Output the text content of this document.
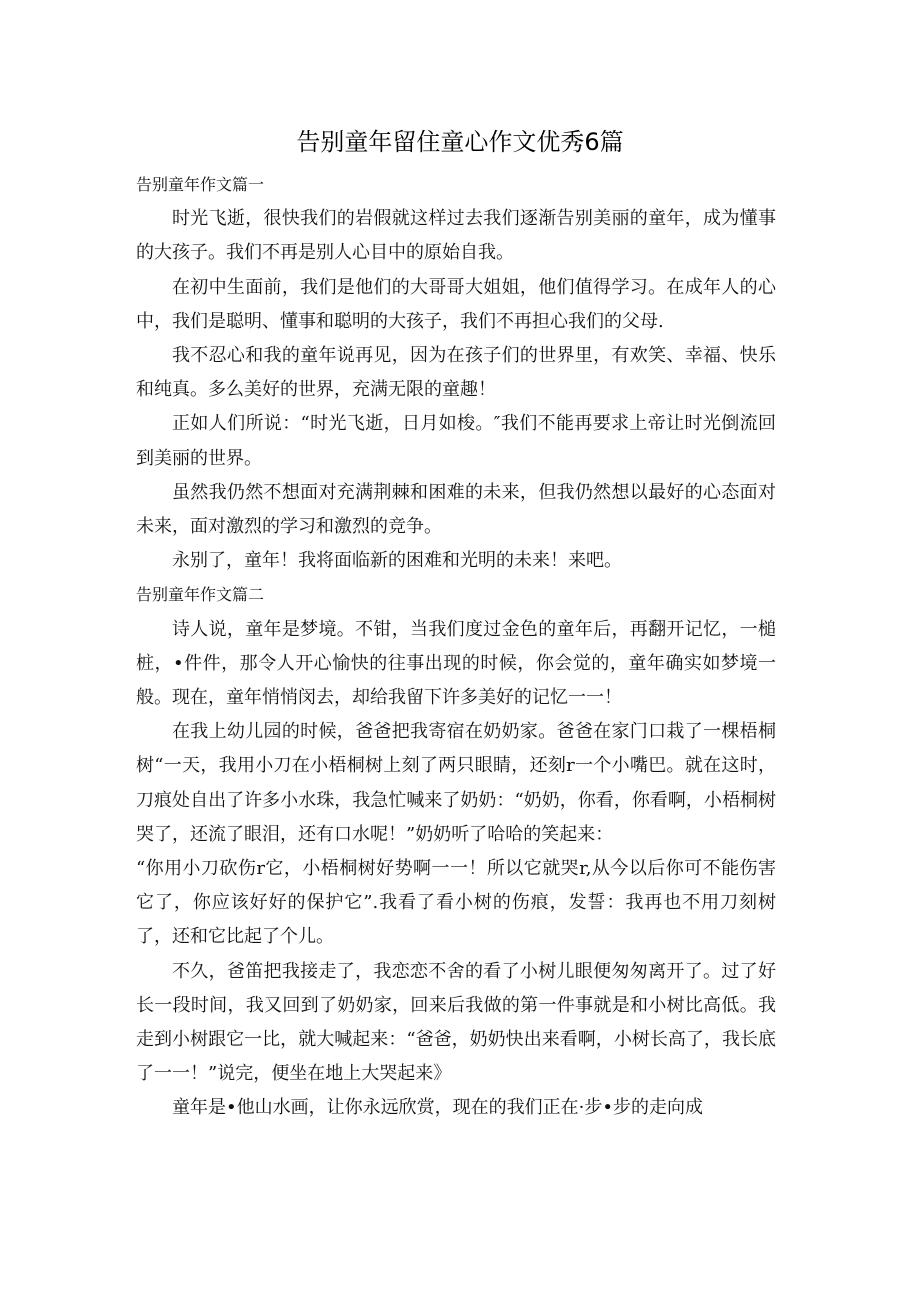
告别童年留住童心作文优秀6篇

告别童年作文篇一

时光飞逝，很快我们的岩假就这样过去我们逐渐告别美丽的童年，成为懂事的大孩子。我们不再是别人心目中的原始自我。

在初中生面前，我们是他们的大哥哥大姐姐，他们值得学习。在成年人的心中，我们是聪明、懂事和聪明的大孩子，我们不再担心我们的父母.

我不忍心和我的童年说再见，因为在孩子们的世界里，有欢笑、幸福、快乐和纯真。多么美好的世界，充满无限的童趣！

正如人们所说：“时光飞逝，日月如梭。″我们不能再要求上帝让时光倒流回到美丽的世界。

虽然我仍然不想面对充满荆棘和困难的未来，但我仍然想以最好的心态面对未来，面对激烈的学习和激烈的竞争。

永别了，童年！我将面临新的困难和光明的未来！来吧。

告别童年作文篇二

诗人说，童年是梦境。不钳，当我们度过金色的童年后，再翻开记忆，一槌桩，•件件，那令人开心愉快的往事出现的时候，你会觉的，童年确实如梦境一般。现在，童年悄悄闵去，却给我留下许多美好的记忆一一！

在我上幼儿园的时候，爸爸把我寄宿在奶奶家。爸爸在家门口栽了一棵梧桐树“一天，我用小刀在小梧桐树上刻了两只眼睛，还刻r一个小嘴巴。就在这时，刀痕处自出了许多小水珠，我急忙喊来了奶奶：“奶奶，你看，你看啊，小梧桐树哭了，还流了眼泪，还有口水呢！”奶奶听了哈哈的笑起来：

“你用小刀砍伤r它，小梧桐树好势啊一一！所以它就哭r,从今以后你可不能伤害它了，你应该好好的保护它”.我看了看小树的伤痕，发誓：我再也不用刀刻树了，还和它比起了个儿。

不久，爸笛把我接走了，我恋恋不舍的看了小树儿眼便匆匆离开了。过了好长一段时间，我又回到了奶奶家，回来后我做的第一件事就是和小树比高低。我走到小树跟它一比，就大喊起来：“爸爸，奶奶快出来看啊，小树长高了，我长底了一一！”说完，便坐在地上大哭起来》

童年是•他山水画，让你永远欣赏，现在的我们正在·步•步的走向成
